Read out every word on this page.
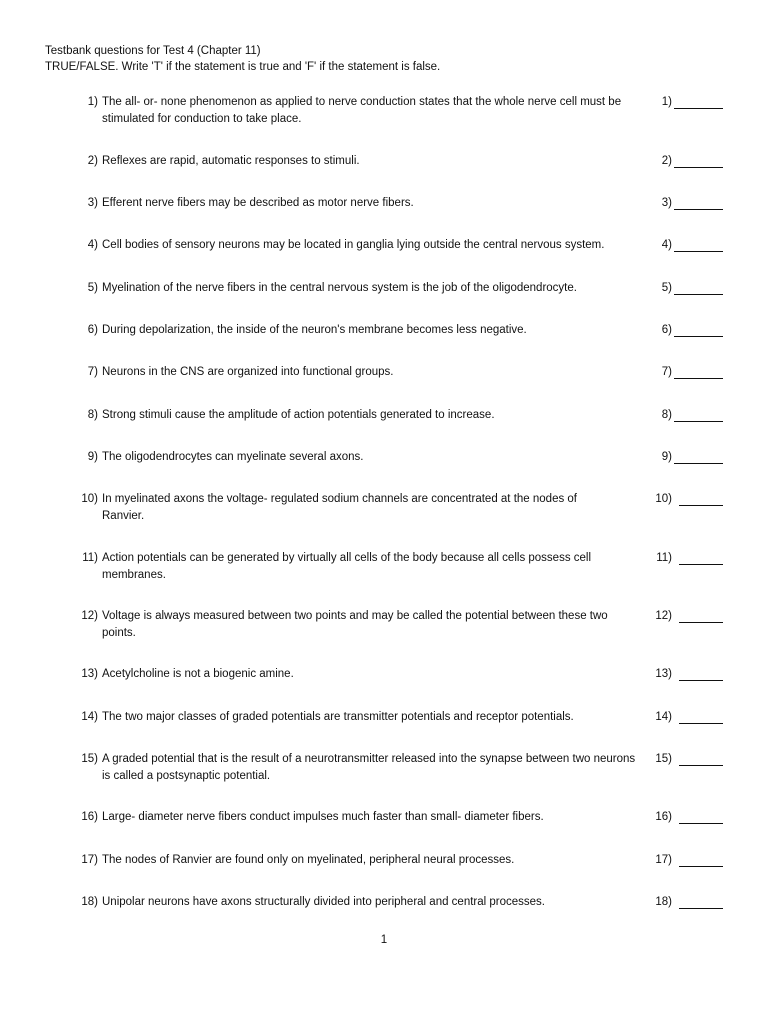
Testbank questions for Test 4 (Chapter 11)
TRUE/FALSE. Write 'T' if the statement is true and 'F' if the statement is false.
1) The all- or- none phenomenon as applied to nerve conduction states that the whole nerve cell must be stimulated for conduction to take place.
1)
2) Reflexes are rapid, automatic responses to stimuli.	2)
3) Efferent nerve fibers may be described as motor nerve fibers.	3)
4) Cell bodies of sensory neurons may be located in ganglia lying outside the central nervous system.	4)
5) Myelination of the nerve fibers in the central nervous system is the job of the oligodendrocyte.	5)
6) During depolarization, the inside of the neuron's membrane becomes less negative.	6)
7) Neurons in the CNS are organized into functional groups.	7)
8) Strong stimuli cause the amplitude of action potentials generated to increase.	8)
9) The oligodendrocytes can myelinate several axons.	9)
10) In myelinated axons the voltage- regulated sodium channels are concentrated at the nodes of Ranvier.
10)
11) Action potentials can be generated by virtually all cells of the body because all cells possess cell membranes.
11)
12) Voltage is always measured between two points and may be called the potential between these two points.
12)
13) Acetylcholine is not a biogenic amine.	13)
14) The two major classes of graded potentials are transmitter potentials and receptor potentials.	14)
15) A graded potential that is the result of a neurotransmitter released into the synapse between two neurons is called a postsynaptic potential.
15)
16) Large- diameter nerve fibers conduct impulses much faster than small- diameter fibers.	16)
17) The nodes of Ranvier are found only on myelinated, peripheral neural processes.	17)
18) Unipolar neurons have axons structurally divided into peripheral and central processes.	18)
1
